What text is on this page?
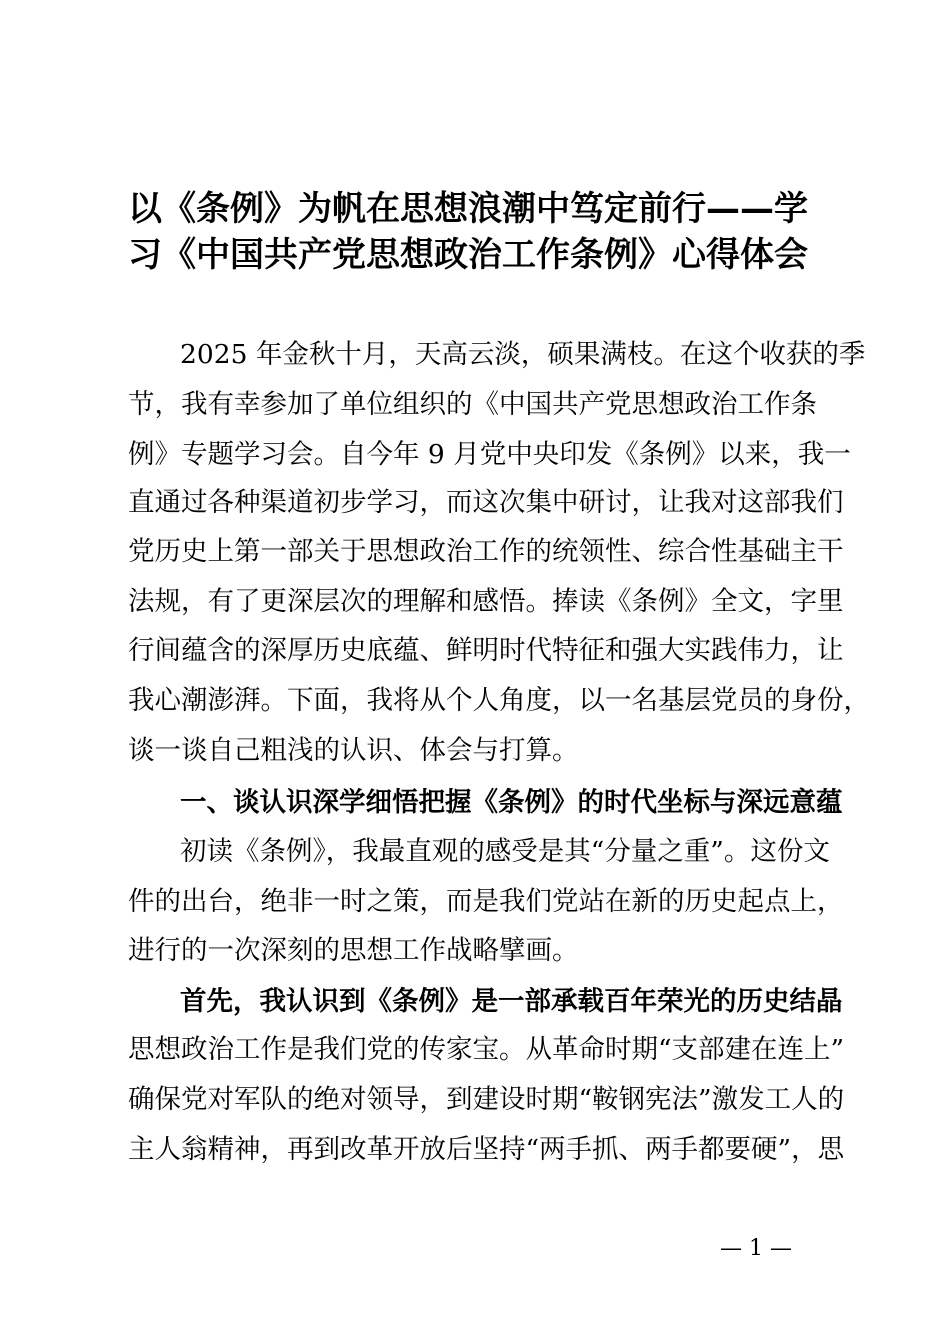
以《条例》为帆在思想浪潮中笃定前行——学
习《中国共产党思想政治工作条例》心得体会
2025 年金秋十月，天高云淡，硕果满枝。在这个收获的季
节，我有幸参加了单位组织的《中国共产党思想政治工作条
例》专题学习会。自今年 9 月党中央印发《条例》以来，我一
直通过各种渠道初步学习，而这次集中研讨，让我对这部我们
党历史上第一部关于思想政治工作的统领性、综合性基础主干
法规，有了更深层次的理解和感悟。捧读《条例》全文，字里
行间蕴含的深厚历史底蕴、鲜明时代特征和强大实践伟力，让
我心潮澎湃。下面，我将从个人角度，以一名基层党员的身份，
谈一谈自己粗浅的认识、体会与打算。
一、谈认识深学细悟把握《条例》的时代坐标与深远意蕴
初读《条例》，我最直观的感受是其“分量之重”。这份文
件的出台，绝非一时之策，而是我们党站在新的历史起点上，
进行的一次深刻的思想工作战略擘画。
首先，我认识到《条例》是一部承载百年荣光的历史结晶
思想政治工作是我们党的传家宝。从革命时期“支部建在连上”
确保党对军队的绝对领导，到建设时期“鞍钢宪法”激发工人的
主人翁精神，再到改革开放后坚持“两手抓、两手都要硬”，思
— 1 —
